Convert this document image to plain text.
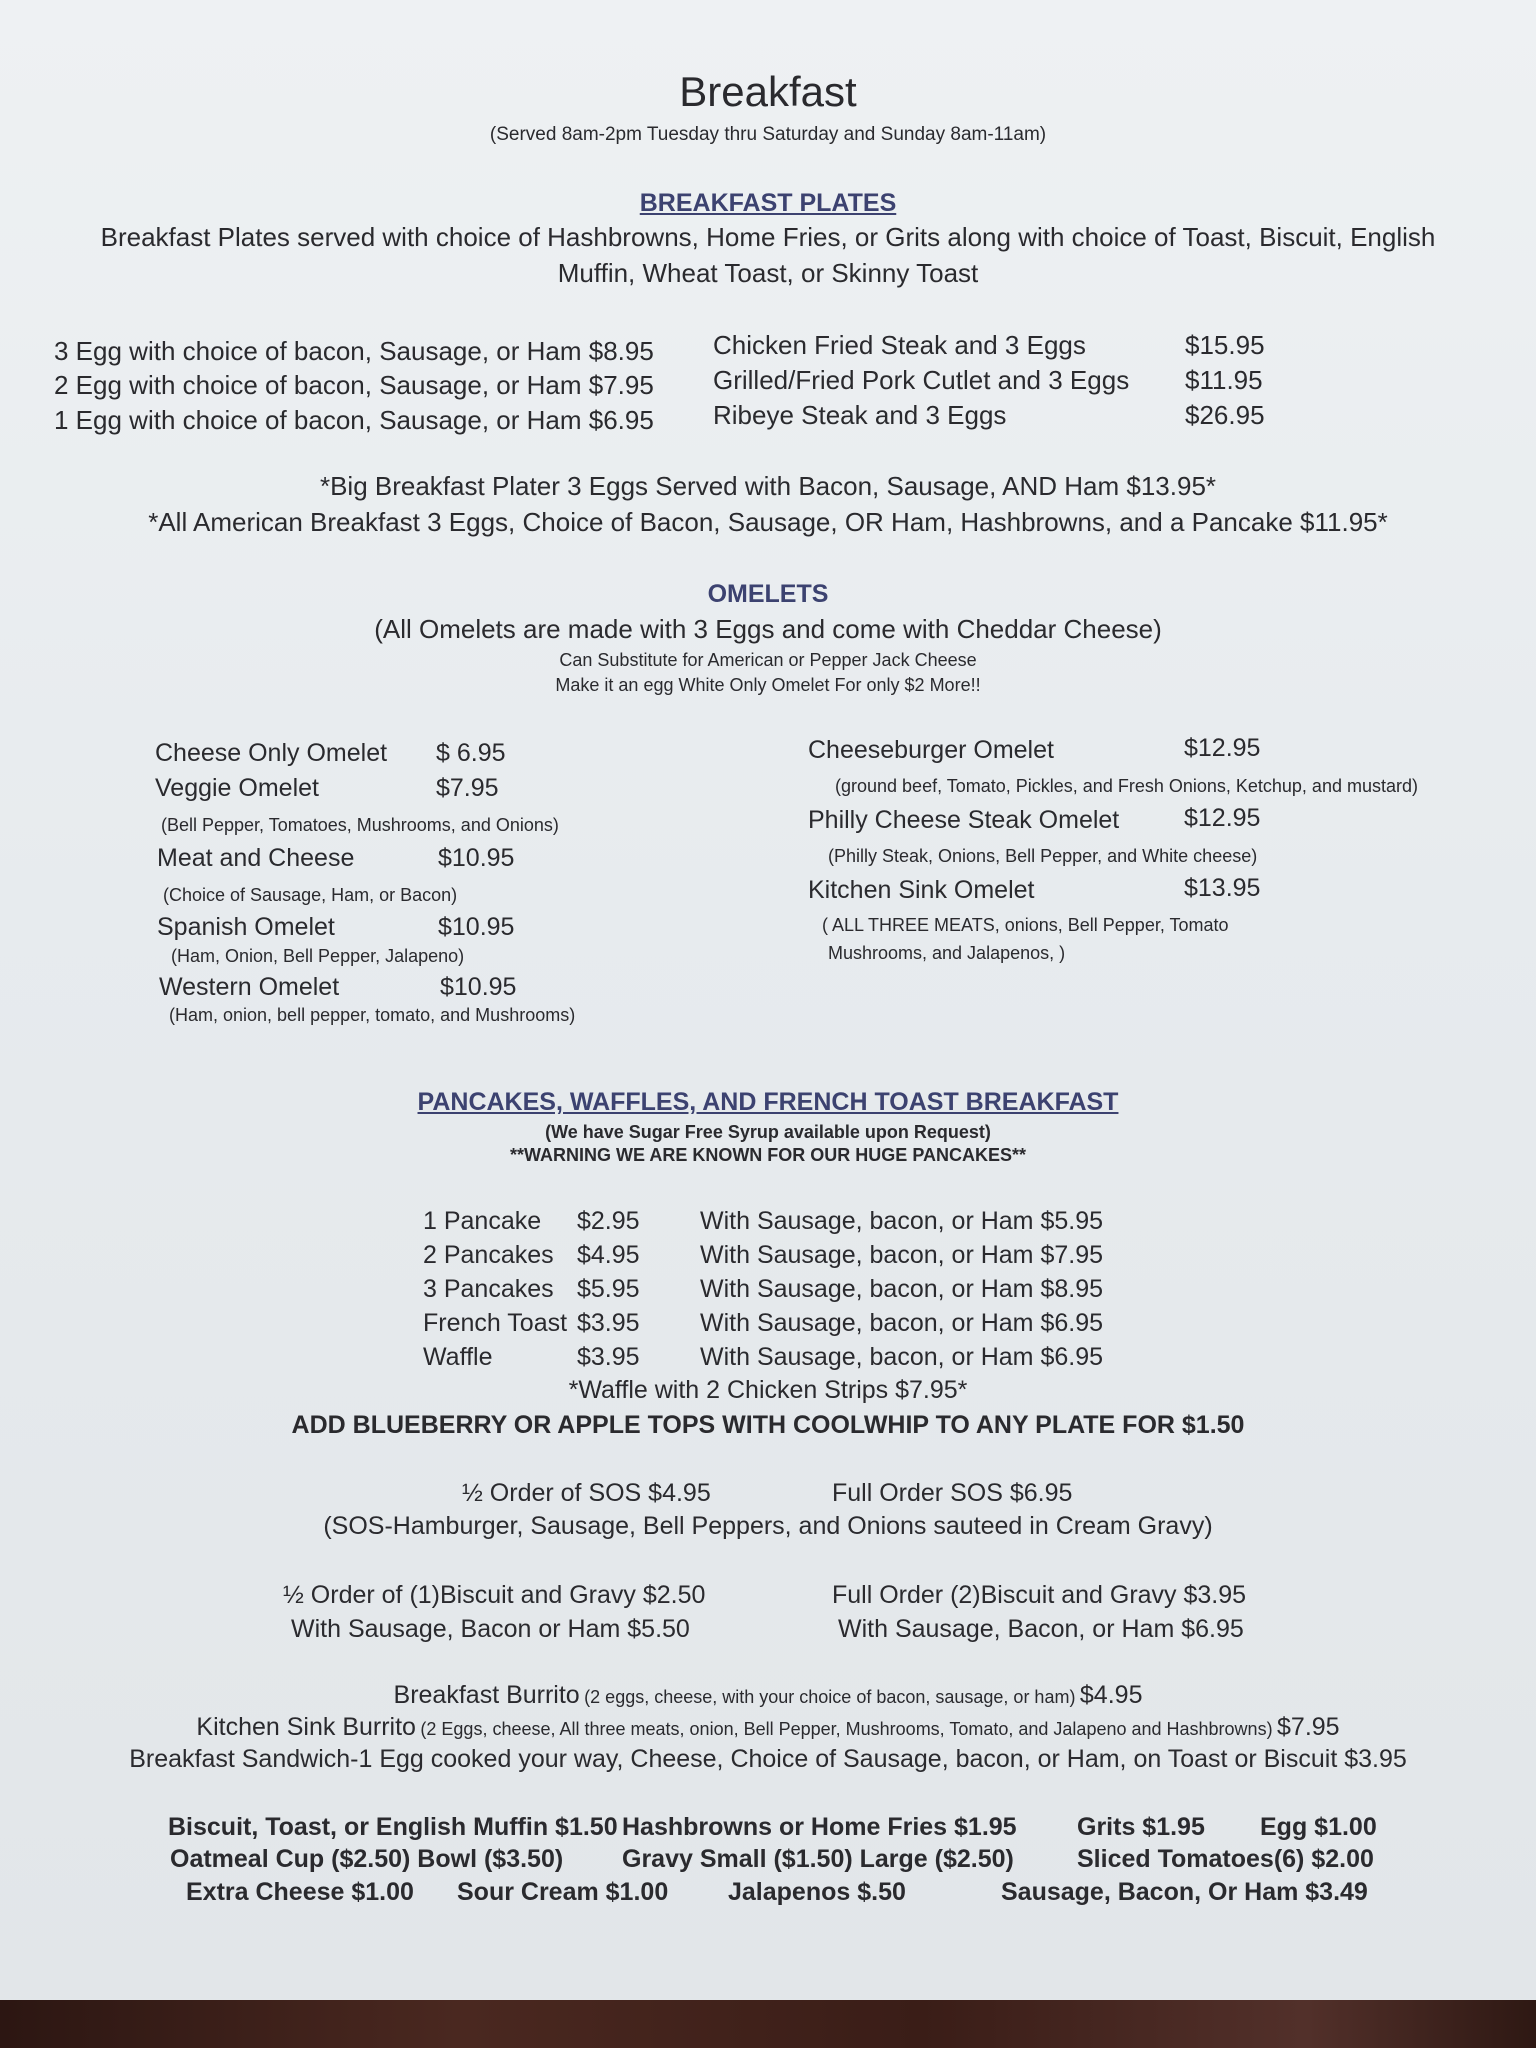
Breakfast
(Served 8am-2pm Tuesday thru Saturday and Sunday 8am-11am)
BREAKFAST PLATES
Breakfast Plates served with choice of Hashbrowns, Home Fries, or Grits along with choice of Toast, Biscuit, English
Muffin, Wheat Toast, or Skinny Toast
3 Egg with choice of bacon, Sausage, or Ham $8.95
2 Egg with choice of bacon, Sausage, or Ham $7.95
1 Egg with choice of bacon, Sausage, or Ham $6.95
Chicken Fried Steak and 3 Eggs	$15.95
Grilled/Fried Pork Cutlet and 3 Eggs $11.95
Ribeye Steak and 3 Eggs	$26.95
*Big Breakfast Plater 3 Eggs Served with Bacon, Sausage, AND Ham $13.95*
*All American Breakfast 3 Eggs, Choice of Bacon, Sausage, OR Ham, Hashbrowns, and a Pancake $11.95*
OMELETS
(All Omelets are made with 3 Eggs and come with Cheddar Cheese)
Can Substitute for American or Pepper Jack Cheese
Make it an egg White Only Omelet For only $2 More!!
Cheese Only Omelet $ 6.95
Veggie Omelet	$7.95
(Bell Pepper, Tomatoes, Mushrooms, and Onions)
Meat and Cheese	$10.95
(Choice of Sausage, Ham, or Bacon)
Spanish Omelet	$10.95
(Ham, Onion, Bell Pepper, Jalapeno)
Western Omelet	$10.95
(Ham, onion, bell pepper, tomato, and Mushrooms)
Cheeseburger Omelet	$12.95
(ground beef, Tomato, Pickles, and Fresh Onions, Ketchup, and mustard)
Philly Cheese Steak Omelet	$12.95
(Philly Steak, Onions, Bell Pepper, and White cheese)
Kitchen Sink Omelet	$13.95
( ALL THREE MEATS, onions, Bell Pepper, Tomato
Mushrooms, and Jalapenos, )
PANCAKES, WAFFLES, AND FRENCH TOAST BREAKFAST
(We have Sugar Free Syrup available upon Request)
**WARNING WE ARE KNOWN FOR OUR HUGE PANCAKES**
1 Pancake $2.95 With Sausage, bacon, or Ham $5.95
2 Pancakes $4.95 With Sausage, bacon, or Ham $7.95
3 Pancakes $5.95 With Sausage, bacon, or Ham $8.95
French Toast $3.95 With Sausage, bacon, or Ham $6.95
Waffle	$3.95 With Sausage, bacon, or Ham $6.95
*Waffle with 2 Chicken Strips $7.95*
ADD BLUEBERRY OR APPLE TOPS WITH COOLWHIP TO ANY PLATE FOR $1.50
½ Order of SOS $4.95	Full Order SOS $6.95
(SOS-Hamburger, Sausage, Bell Peppers, and Onions sauteed in Cream Gravy)
½ Order of (1)Biscuit and Gravy $2.50
With Sausage, Bacon or Ham $5.50
Full Order (2)Biscuit and Gravy $3.95
With Sausage, Bacon, or Ham $6.95
Breakfast Burrito (2 eggs, cheese, with your choice of bacon, sausage, or ham) $4.95
Kitchen Sink Burrito (2 Eggs, cheese, All three meats, onion, Bell Pepper, Mushrooms, Tomato, and Jalapeno and Hashbrowns) $7.95
Breakfast Sandwich-1 Egg cooked your way, Cheese, Choice of Sausage, bacon, or Ham, on Toast or Biscuit $3.95
Biscuit, Toast, or English Muffin $1.50 Hashbrowns or Home Fries $1.95 Grits $1.95 Egg $1.00
Oatmeal Cup ($2.50) Bowl ($3.50) Gravy Small ($1.50) Large ($2.50)	Sliced Tomatoes(6) $2.00
Extra Cheese $1.00 Sour Cream $1.00 Jalapenos $.50	Sausage, Bacon, Or Ham $3.49
